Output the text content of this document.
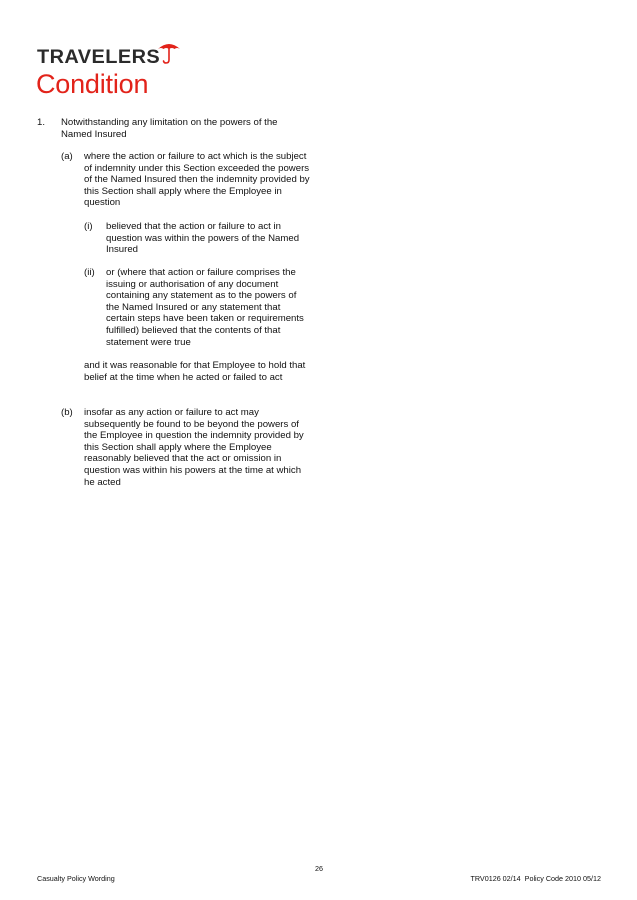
TRAVELERS
Condition
1. Notwithstanding any limitation on the powers of the Named Insured
(a) where the action or failure to act which is the subject of indemnity under this Section exceeded the powers of the Named Insured then the indemnity provided by this Section shall apply where the Employee in question
(i) believed that the action or failure to act in question was within the powers of the Named Insured
(ii) or (where that action or failure comprises the issuing or authorisation of any document containing any statement as to the powers of the Named Insured or any statement that certain steps have been taken or requirements fulfilled) believed that the contents of that statement were true
and it was reasonable for that Employee to hold that belief at the time when he acted or failed to act
(b) insofar as any action or failure to act may subsequently be found to be beyond the powers of the Employee in question the indemnity provided by this Section shall apply where the Employee reasonably believed that the act or omission in question was within his powers at the time at which he acted
26
Casualty Policy Wording	TRV0126 02/14  Policy Code 2010 05/12
